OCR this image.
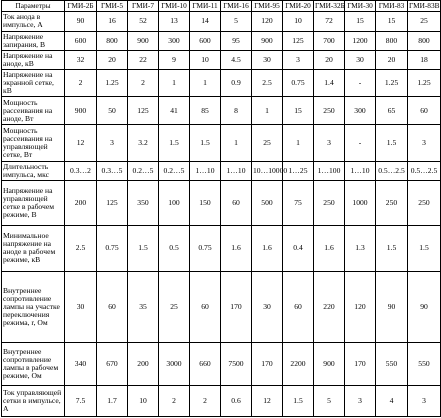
Параметры	ГМИ-2Б	ГМИ-5	ГМИ-7	ГМИ-10	ГМИ-11	ГМИ-16	ГМИ-95	ГМИ-20	ГМИ-32Б	ГМИ-30	ГМИ-83	ГМИ-83В
Ток анода в импульсе, А	90	16	52	13	14	5	120	10	72	15	15	25
Напряжение запирания, В	600	800	900	300	600	95	900	125	700	1200	800	800
Напряжение на аноде, кВ	32	20	22	9	10	4.5	30	3	20	30	20	18
Напряжение на экранной сетке, кВ	2	1.25	2	1	1	0.9	2.5	0.75	1.4	-	1.25	1.25
Мощность рассеивания на аноде, Вт	900	50	125	41	85	8	1	15	250	300	65	60
Мощность рассеивания на управляющей сетке, Вт	12	3	3.2	1.5	1.5	1	25	1	3	-	1.5	3
Длительность импульса, мкс	0.3…2	0.3…5	0.2…5	0.2…5	1…10	1…10	10…10000	1…25	1…100	1…10	0.5…2.5	0.5…2.5
Напряжение на управляющей сетке в рабочем режиме, В	200	125	350	100	150	60	500	75	250	1000	250	250
Минимальное напряжение на аноде в рабочем режиме, кВ	2.5	0.75	1.5	0.5	0.75	1.6	1.6	0.4	1.6	1.3	1.5	1.5
Внутреннее сопротивление лампы на участке переключения режима, r, Ом	30	60	35	25	60	170	30	60	220	120	90	90
Внутреннее сопротивление лампы в рабочем режиме, Ом	340	670	200	3000	660	7500	170	2200	900	170	550	550
Ток управляющей сетки в импульсе, А	7.5	1.7	10	2	2	0.6	12	1.5	5	3	4	3
